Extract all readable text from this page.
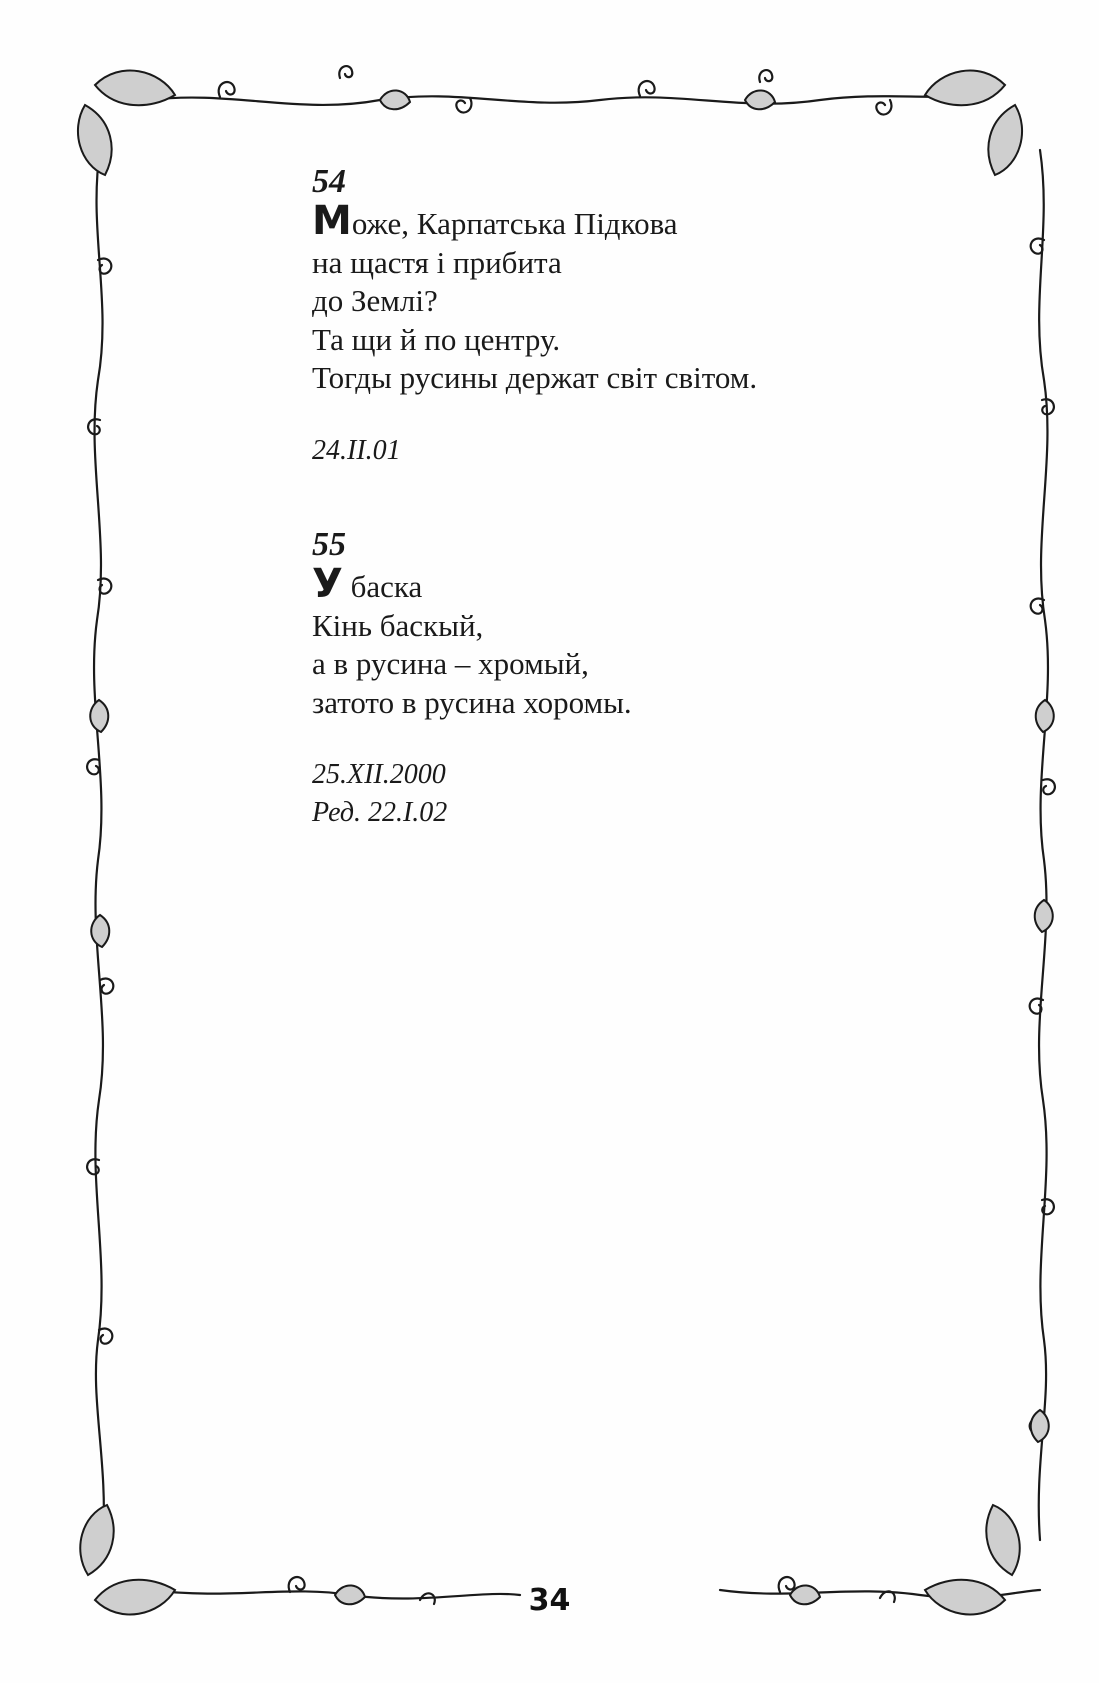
54

Може, Карпатська Підкова

на щастя і прибита

до Землі?

Та щи й по центру.

Тогды русины держат світ світом.

24.II.01

55

У баска

Кінь баскый,

а в русина – хромый,

затото в русина хоромы.

25.XII.2000

Ред. 22.I.02

34
